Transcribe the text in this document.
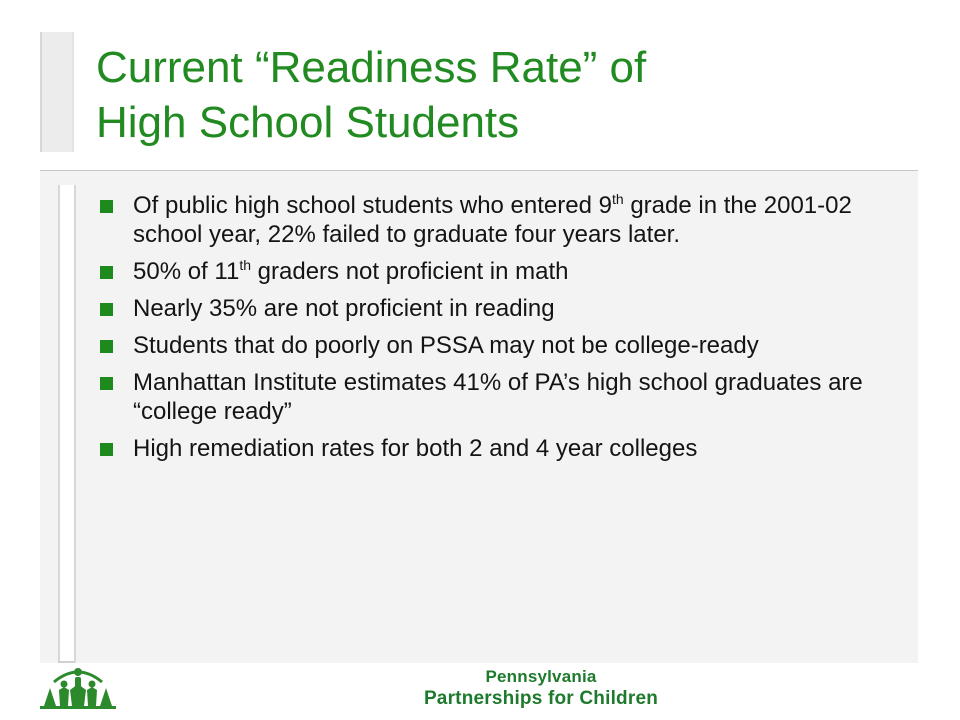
Current “Readiness Rate” of
High School Students
Of public high school students who entered 9th grade in the 2001-02 school year, 22% failed to graduate four years later.
50% of 11th graders not proficient in math
Nearly 35% are not proficient in reading
Students that do poorly on PSSA may not be college-ready
Manhattan Institute estimates 41% of PA’s high school graduates are “college ready”
High remediation rates for both 2 and 4 year colleges
Pennsylvania
Partnerships for Children
